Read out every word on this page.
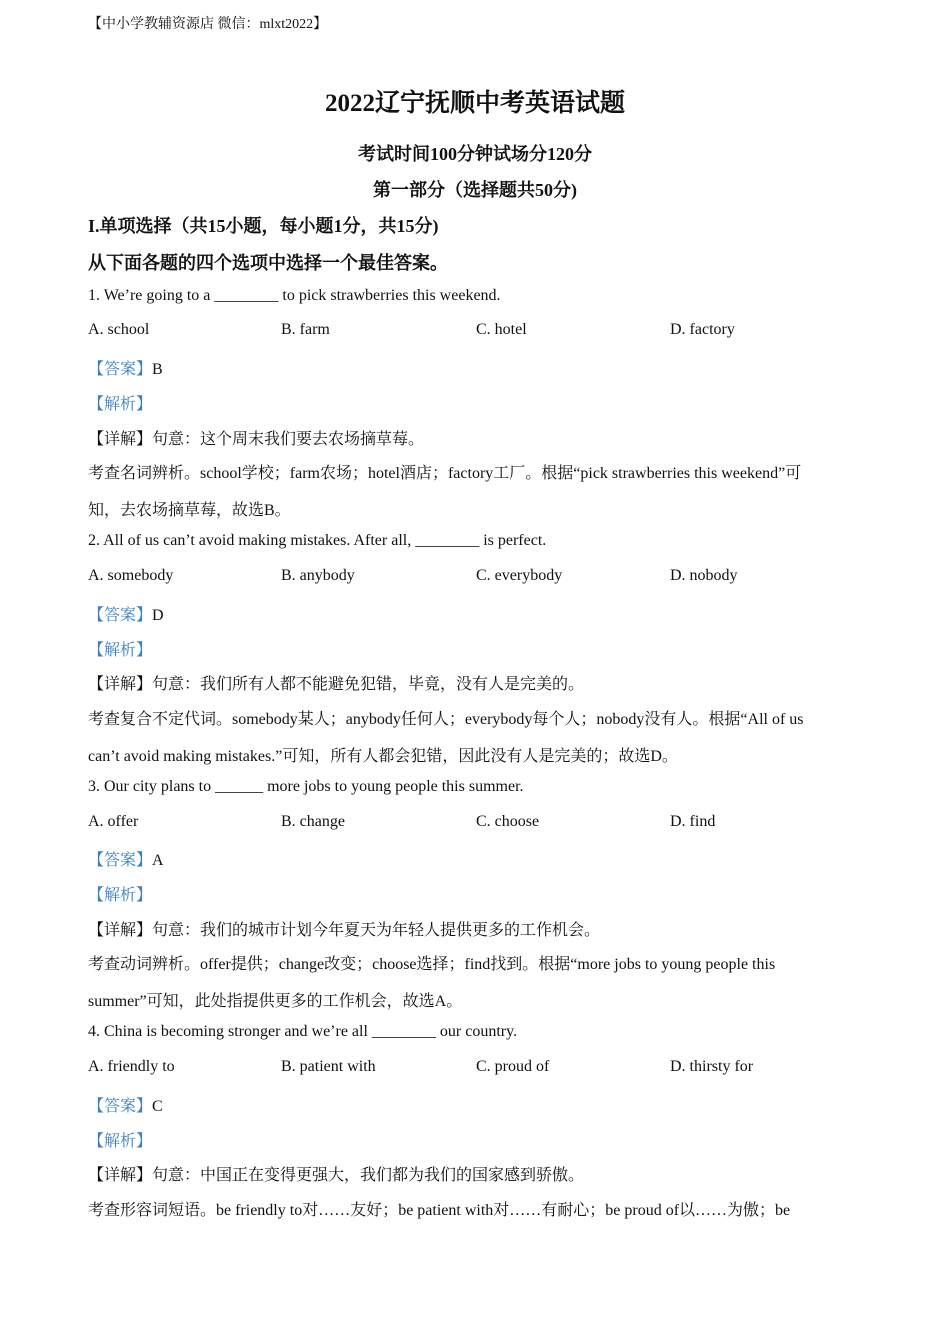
【中小学教辅资源店 微信：mlxt2022】
2022辽宁抚顺中考英语试题
考试时间100分钟试场分120分
第一部分（选择题共50分)
I.单项选择（共15小题，每小题1分，共15分)
从下面各题的四个选项中选择一个最佳答案。
1. We’re going to a ________ to pick strawberries this weekend.
A. school	B. farm	C. hotel	D. factory
【答案】B
【解析】
【详解】句意：这个周末我们要去农场摘草莓。
考查名词辨析。school学校；farm农场；hotel酒店；factory工厂。根据“pick strawberries this weekend”可
知，去农场摘草莓，故选B。
2. All of us can’t avoid making mistakes. After all, ________ is perfect.
A. somebody	B. anybody	C. everybody	D. nobody
【答案】D
【解析】
【详解】句意：我们所有人都不能避免犯错，毕竟，没有人是完美的。
考查复合不定代词。somebody某人；anybody任何人；everybody每个人；nobody没有人。根据“All of us
can’t avoid making mistakes.”可知，所有人都会犯错，因此没有人是完美的；故选D。
3. Our city plans to ______ more jobs to young people this summer.
A. offer	B. change	C. choose	D. find
【答案】A
【解析】
【详解】句意：我们的城市计划今年夏天为年轻人提供更多的工作机会。
考查动词辨析。offer提供；change改变；choose选择；find找到。根据“more jobs to young people this
summer”可知，此处指提供更多的工作机会，故选A。
4. China is becoming stronger and we’re all ________ our country.
A. friendly to	B. patient with	C. proud of	D. thirsty for
【答案】C
【解析】
【详解】句意：中国正在变得更强大，我们都为我们的国家感到骄傲。
考查形容词短语。be friendly to对……友好；be patient with对……有耐心；be proud of以……为傲；be
